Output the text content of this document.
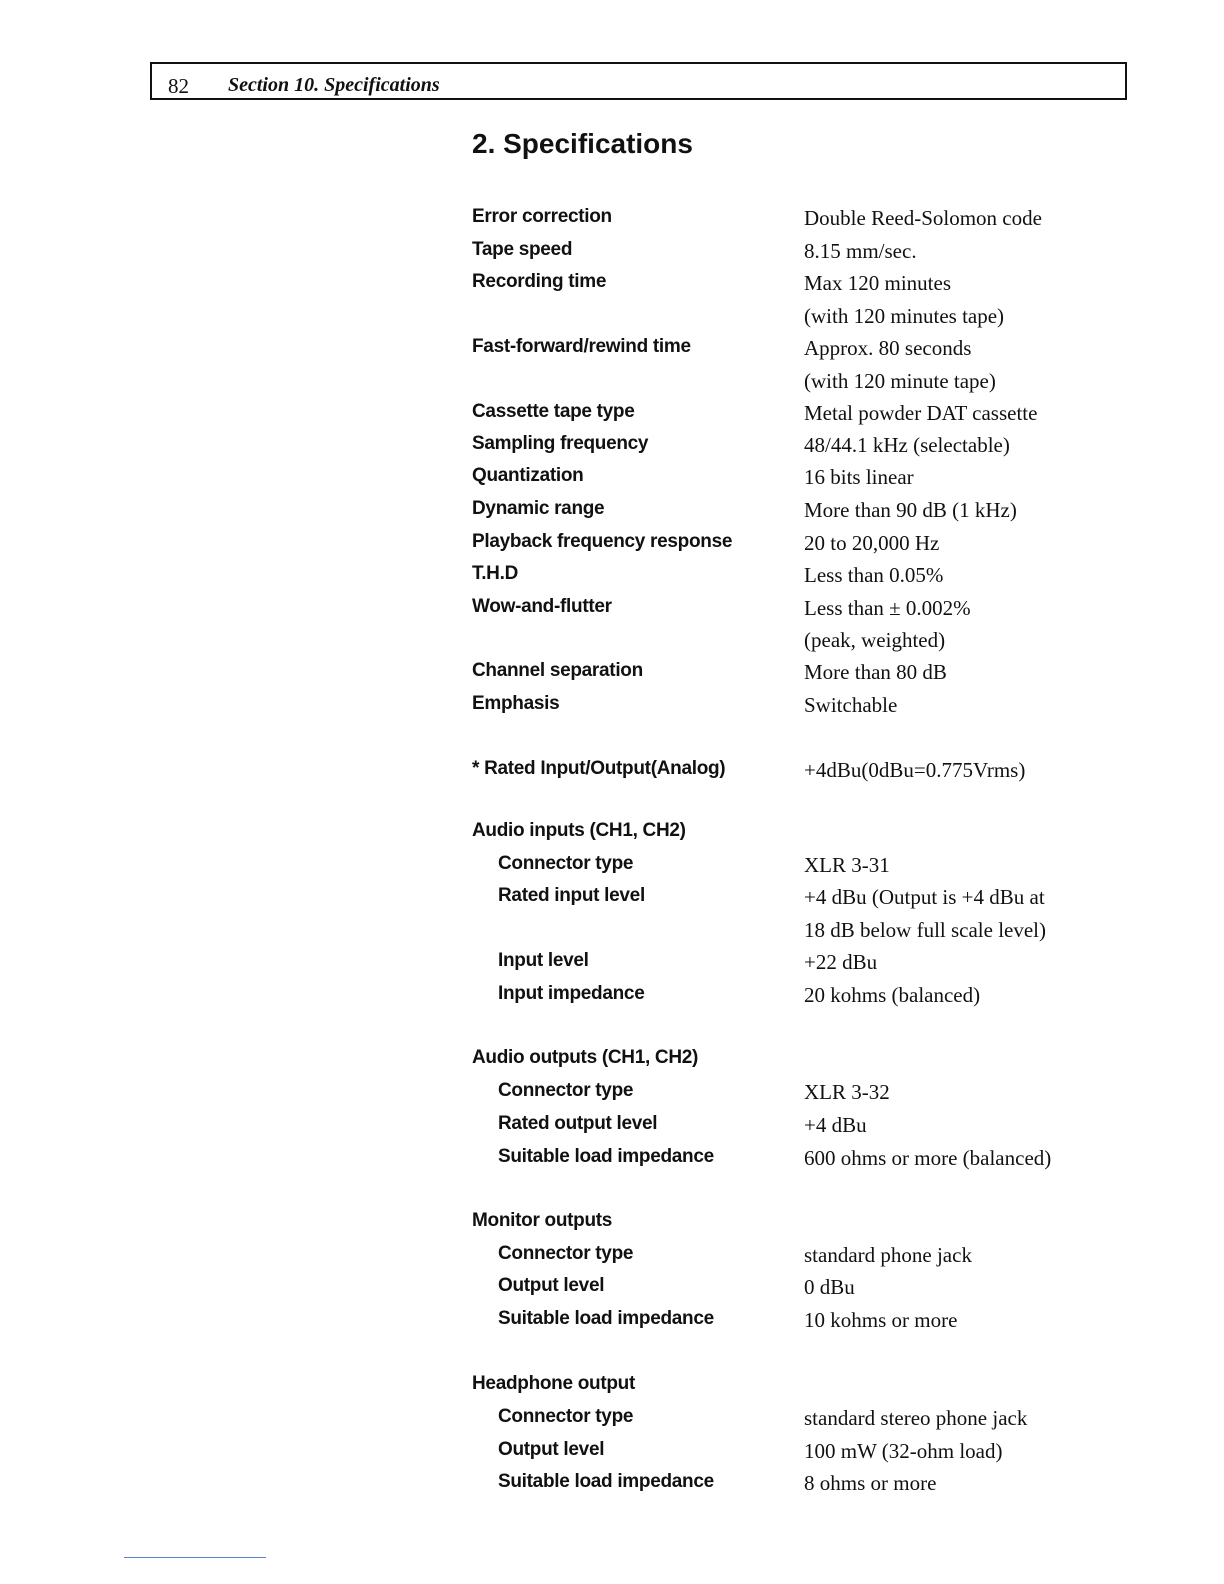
82 Section 10. Specifications
2. Specifications
Error correction	Double Reed-Solomon code
Tape speed	8.15 mm/sec.
Recording time	Max 120 minutes
(with 120 minutes tape)
Fast-forward/rewind time	Approx. 80 seconds
(with 120 minute tape)
Cassette tape type	Metal powder DAT cassette
Sampling frequency	48/44.1 kHz (selectable)
Quantization	16 bits linear
Dynamic range	More than 90 dB (1 kHz)
Playback frequency response	20 to 20,000 Hz
T.H.D	Less than 0.05%
Wow-and-flutter	Less than ± 0.002%
(peak, weighted)
Channel separation	More than 80 dB
Emphasis	Switchable
* Rated Input/Output(Analog)	+4dBu(0dBu=0.775Vrms)
Audio inputs (CH1, CH2)
Connector type	XLR 3-31
Rated input level	+4 dBu (Output is +4 dBu at
18 dB below full scale level)
Input level	+22 dBu
Input impedance	20 kohms (balanced)
Audio outputs (CH1, CH2)
Connector type	XLR 3-32
Rated output level	+4 dBu
Suitable load impedance	600 ohms or more (balanced)
Monitor outputs
Connector type	standard phone jack
Output level	0 dBu
Suitable load impedance	10 kohms or more
Headphone output
Connector type	standard stereo phone jack
Output level	100 mW (32-ohm load)
Suitable load impedance	8 ohms or more
